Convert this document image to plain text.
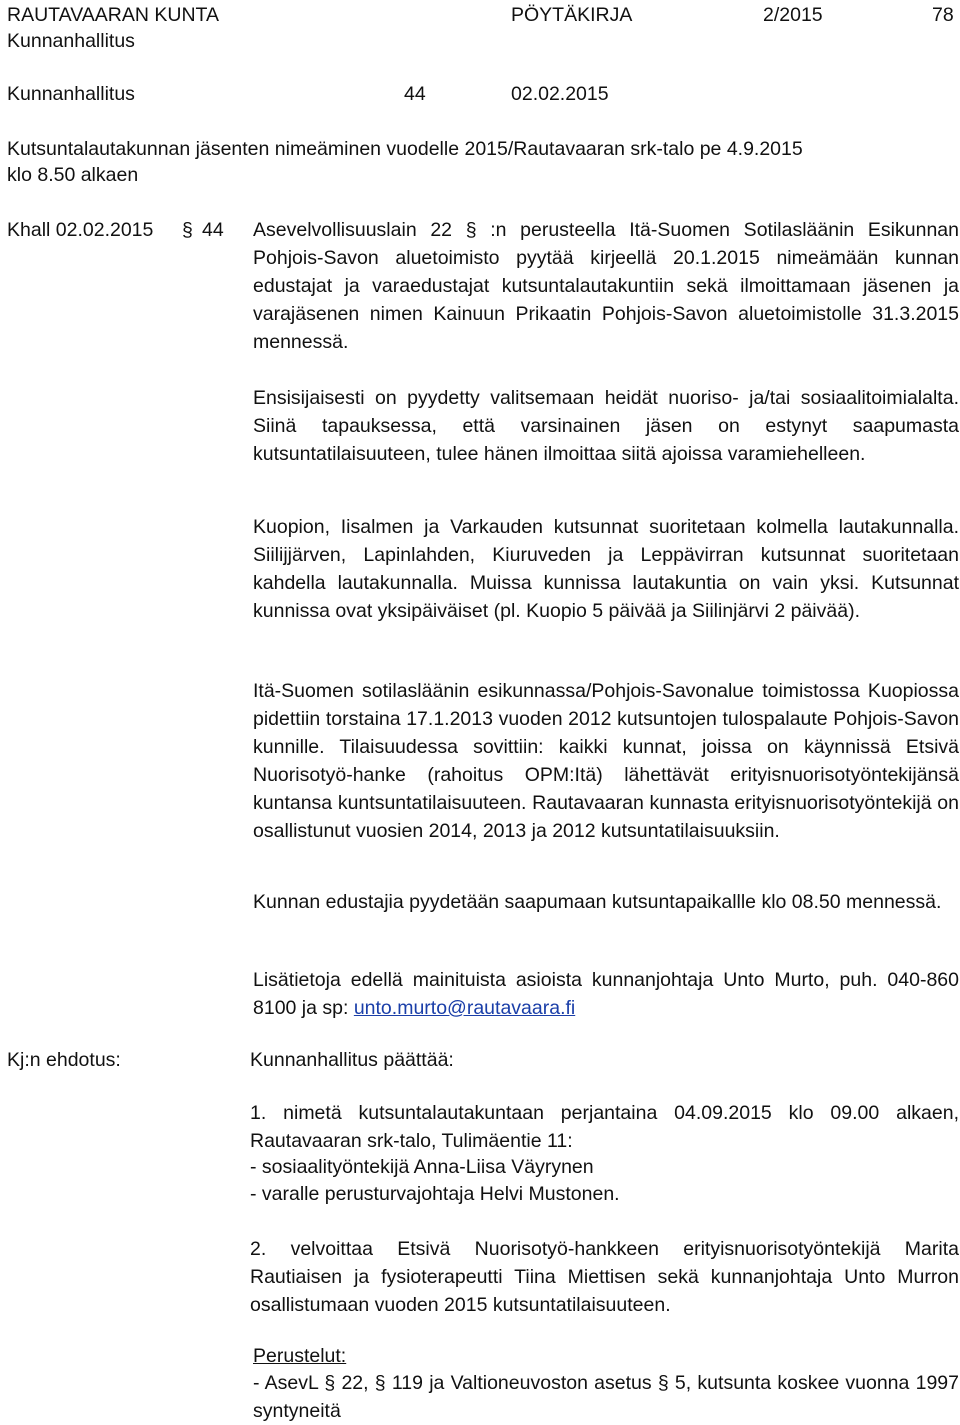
RAUTAVAARAN KUNTA	PÖYTÄKIRJA	2/2015	78
Kunnanhallitus
Kunnanhallitus	44	02.02.2015
Kutsuntalautakunnan jäsenten nimeäminen vuodelle 2015/Rautavaaran srk-talo pe 4.9.2015
klo 8.50 alkaen
Khall 02.02.2015 § 44 Asevelvollisuuslain 22 § :n perusteella Itä-Suomen Sotilasläänin Esikunnan Pohjois-Savon aluetoimisto pyytää kirjeellä 20.1.2015 nimeämään kunnan edustajat ja varaedustajat kutsuntalautakuntiin sekä ilmoittamaan jäsenen ja varajäsenen nimen Kainuun Prikaatin Pohjois-Savon aluetoimistolle 31.3.2015 mennessä.

Ensisijaisesti on pyydetty valitsemaan heidät nuoriso- ja/tai sosiaalitoimialalta. Siinä tapauksessa, että varsinainen jäsen on estynyt saapumasta kutsuntatilaisuuteen, tulee hänen ilmoittaa siitä ajoissa varamiehelleen.

Kuopion, Iisalmen ja Varkauden kutsunnat suoritetaan kolmella lautakunnalla. Siilijjärven, Lapinlahden, Kiuruveden ja Leppävirran kutsunnat suoritetaan kahdella lautakunnalla. Muissa kunnissa lautakuntia on vain yksi. Kutsunnat kunnissa ovat yksipäiväiset (pl. Kuopio 5 päivää ja Siilinjärvi 2 päivää).

Itä-Suomen sotilasläänin esikunnassa/Pohjois-Savonalue toimistossa Kuopiossa pidettiin torstaina 17.1.2013 vuoden 2012 kutsuntojen tulospalaute Pohjois-Savon kunnille. Tilaisuudessa sovittiin: kaikki kunnat, joissa on käynnissä Etsivä Nuorisotyö-hanke (rahoitus OPM:Itä) lähettävät erityisnuorisotyöntekijänsä kuntansa kuntsuntatilaisuuteen. Rautavaaran kunnasta erityisnuorisotyöntekijä on osallistunut vuosien 2014, 2013 ja 2012 kutsuntatilaisuuksiin.

Kunnan edustajia pyydetään saapumaan kutsuntapaikallle klo 08.50 mennessä.

Lisätietoja edellä mainituista asioista kunnanjohtaja Unto Murto, puh. 040-860 8100 ja sp: unto.murto@rautavaara.fi

Kj:n ehdotus:	Kunnanhallitus päättää:

1. nimetä kutsuntalautakuntaan perjantaina 04.09.2015 klo 09.00 alkaen, Rautavaaran srk-talo, Tulimäentie 11:

- sosiaalityöntekijä Anna-Liisa Väyrynen
- varalle perusturvajohtaja Helvi Mustonen.

2. velvoittaa Etsivä Nuorisotyö-hankkeen erityisnuorisotyöntekijä Marita Rautiaisen ja fysioterapeutti Tiina Miettisen sekä kunnanjohtaja Unto Murron osallistumaan vuoden 2015 kutsuntatilaisuuteen.

Perustelut:

- AsevL § 22, § 119 ja Valtioneuvoston asetus § 5, kutsunta koskee vuonna 1997 syntyneitä
